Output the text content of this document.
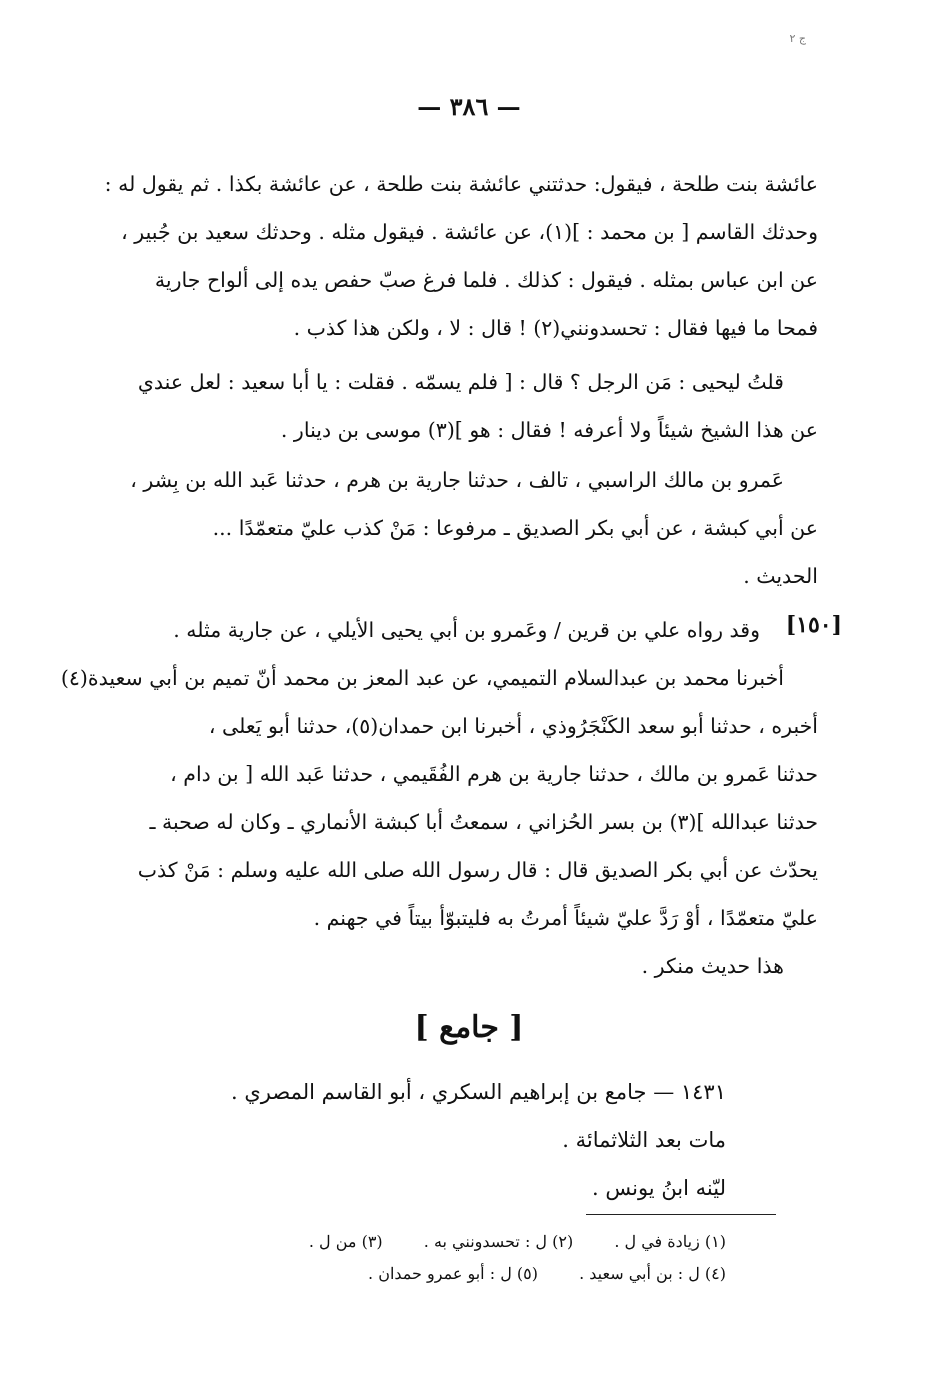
ج ٢
— ٣٨٦ —
عائشة بنت طلحة ، فيقول: حدثتني عائشة بنت طلحة ، عن عائشة بكذا . ثم يقول له :
وحدثك القاسم [ بن محمد : ](١)، عن عائشة . فيقول مثله . وحدثك سعيد بن جُبير ،
عن ابن عباس بمثله . فيقول : كذلك . فلما فرغ صبّ حفص يده إلى ألواح جارية
فمحا ما فيها فقال : تحسدونني(٢) ! قال : لا ، ولكن هذا كذب .
قلتُ ليحيى : مَن الرجل ؟ قال : [ فلم يسمّه . فقلت : يا أبا سعيد : لعل عندي
عن هذا الشيخ شيئاً ولا أعرفه ! فقال : هو ](٣) موسى بن دينار .
عَمرو بن مالك الراسبي ، تالف ، حدثنا جارية بن هرم ، حدثنا عَبد الله بن بِشر ،
عن أبي كبشة ، عن أبي بكر الصديق ـ مرفوعا : مَنْ كذب عليّ متعمّدًا ...
الحديث .
[١٥٠]
وقد رواه علي بن قرين / وعَمرو بن أبي يحيى الأيلي ، عن جارية مثله .
أخبرنا محمد بن عبدالسلام التميمي، عن عبد المعز بن محمد أنّ تميم بن أبي سعيدة(٤)
أخبره ، حدثنا أبو سعد الكَنْجَرُوذي ، أخبرنا ابن حمدان(٥)، حدثنا أبو يَعلى ،
حدثنا عَمرو بن مالك ، حدثنا جارية بن هرم الفُقَيمي ، حدثنا عَبد الله [ بن دام ،
حدثنا عبدالله ](٣) بن بسر الحُزاني ، سمعتُ أبا كبشة الأنماري ـ وكان له صحبة ـ
يحدّث عن أبي بكر الصديق قال : قال رسول الله صلى الله عليه وسلم : مَنْ كذب
عليّ متعمّدًا ، أوْ رَدَّ عليّ شيئاً أمرتُ به فليتبوّأ بيتاً في جهنم .
هذا حديث منكر .
[ جامع ]
١٤٣١ — جامع بن إبراهيم السكري ، أبو القاسم المصري .
مات بعد الثلاثمائة .
ليّنه ابنُ يونس .
(١) زيادة في ل . (٢) ل : تحسدونني به . (٣) من ل .
(٤) ل : بن أبي سعيد . (٥) ل : أبو عمرو حمدان .
